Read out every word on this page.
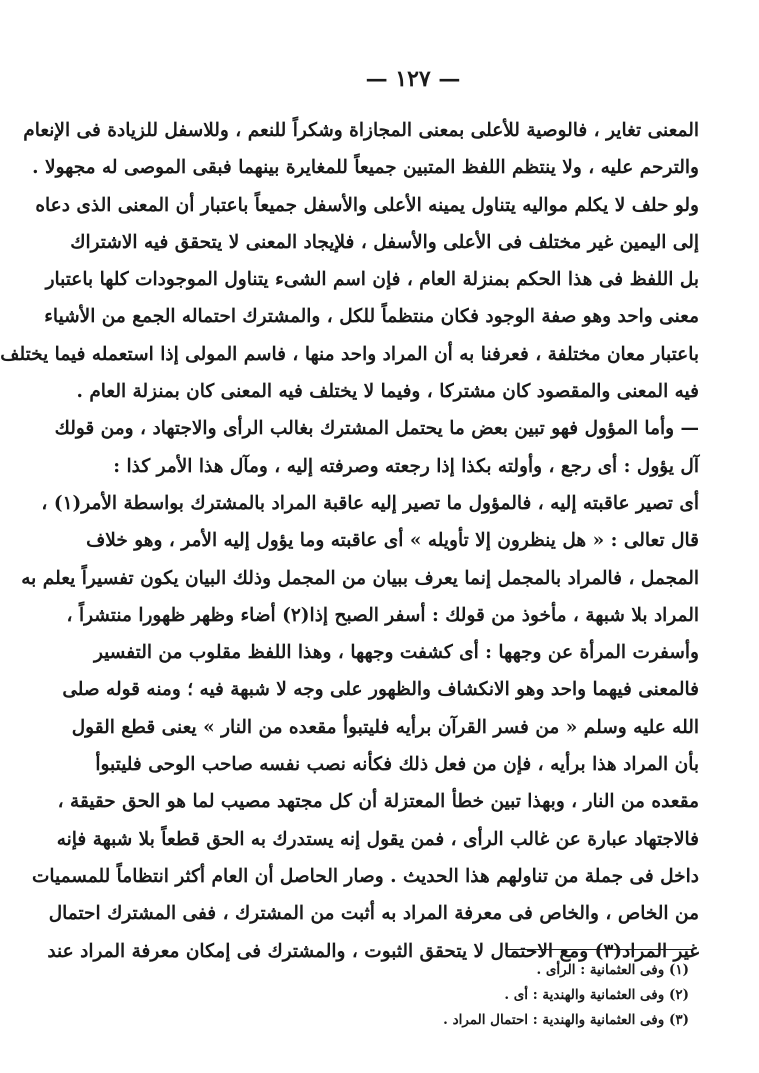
— ١٢٧ —
المعنى تغاير ، فالوصية للأعلى بمعنى المجازاة وشكراً للنعم ، وللاسفل للزيادة فى الإنعام
والترحم عليه ، ولا ينتظم اللفظ المتبين جميعاً للمغايرة بينهما فبقى الموصى له مجهولا .
ولو حلف لا يكلم مواليه يتناول يمينه الأعلى والأسفل جميعاً باعتبار أن المعنى الذى دعاه
إلى اليمين غير مختلف فى الأعلى والأسفل ، فلإيجاد المعنى لا يتحقق فيه الاشتراك
بل اللفظ فى هذا الحكم بمنزلة العام ، فإن اسم الشىء يتناول الموجودات كلها باعتبار
معنى واحد وهو صفة الوجود فكان منتظماً للكل ، والمشترك احتماله الجمع من الأشياء
باعتبار معان مختلفة ، فعرفنا به أن المراد واحد منها ، فاسم المولى إذا استعمله فيما يختلف
فيه المعنى والمقصود كان مشتركا ، وفيما لا يختلف فيه المعنى كان بمنزلة العام .
— وأما المؤول فهو تبين بعض ما يحتمل المشترك بغالب الرأى والاجتهاد ، ومن قولك
آل يؤول : أى رجع ، وأولته بكذا إذا رجعته وصرفته إليه ، ومآل هذا الأمر كذا :
أى تصير عاقبته إليه ، فالمؤول ما تصير إليه عاقبة المراد بالمشترك بواسطة الأمر(١) ،
قال تعالى : « هل ينظرون إلا تأويله » أى عاقبته وما يؤول إليه الأمر ، وهو خلاف
المجمل ، فالمراد بالمجمل إنما يعرف ببيان من المجمل وذلك البيان يكون تفسيراً يعلم به
المراد بلا شبهة ، مأخوذ من قولك : أسفر الصبح إذا(٢) أضاء وظهر ظهورا منتشراً ،
وأسفرت المرأة عن وجهها : أى كشفت وجهها ، وهذا اللفظ مقلوب من التفسير
فالمعنى فيهما واحد وهو الانكشاف والظهور على وجه لا شبهة فيه ؛ ومنه قوله صلى
الله عليه وسلم « من فسر القرآن برأيه فليتبوأ مقعده من النار » يعنى قطع القول
بأن المراد هذا برأيه ، فإن من فعل ذلك فكأنه نصب نفسه صاحب الوحى فليتبوأ
مقعده من النار ، وبهذا تبين خطأ المعتزلة أن كل مجتهد مصيب لما هو الحق حقيقة ،
فالاجتهاد عبارة عن غالب الرأى ، فمن يقول إنه يستدرك به الحق قطعاً بلا شبهة فإنه
داخل فى جملة من تناولهم هذا الحديث . وصار الحاصل أن العام أكثر انتظاماً للمسميات
من الخاص ، والخاص فى معرفة المراد به أثبت من المشترك ، ففى المشترك احتمال
غير المراد(٣) ومع الاحتمال لا يتحقق الثبوت ، والمشترك فى إمكان معرفة المراد عند
(١) وفى العثمانية : الرأى .
(٢) وفى العثمانية والهندية : أى .
(٣) وفى العثمانية والهندية : احتمال المراد .
